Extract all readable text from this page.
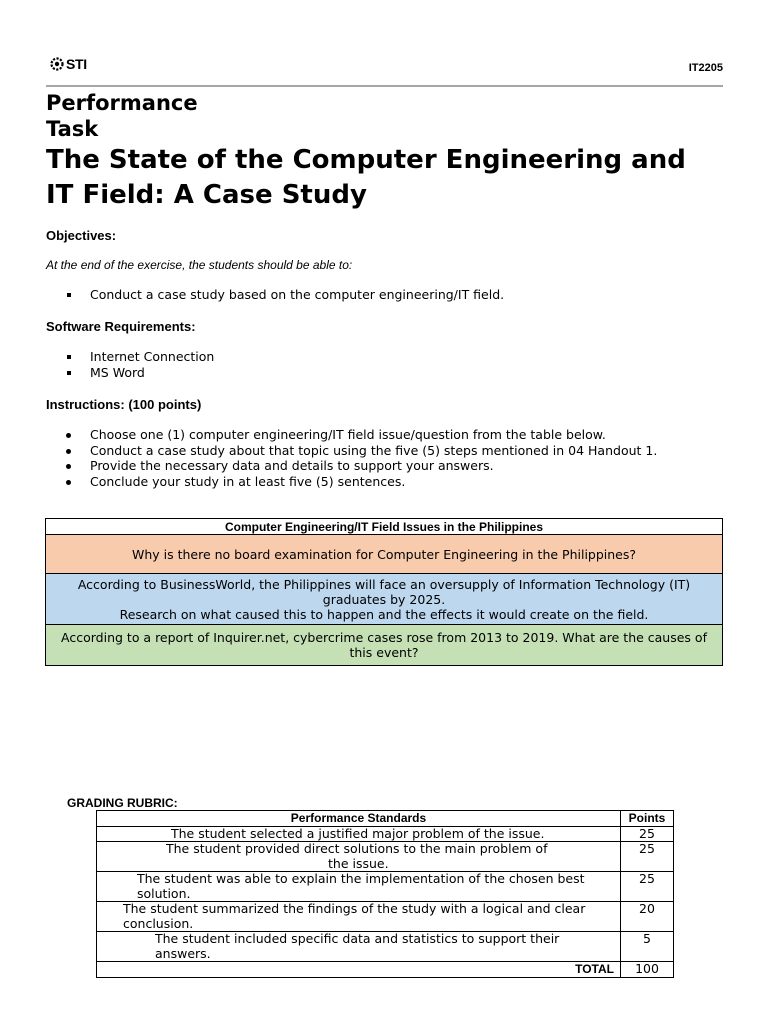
STI	IT2205
Performance
Task
The State of the Computer Engineering and
IT Field: A Case Study
Objectives:
At the end of the exercise, the students should be able to:
Conduct a case study based on the computer engineering/IT field.
Software Requirements:
Internet Connection
MS Word
Instructions: (100 points)
Choose one (1) computer engineering/IT field issue/question from the table below.
Conduct a case study about that topic using the five (5) steps mentioned in 04 Handout 1.
Provide the necessary data and details to support your answers.
Conclude your study in at least five (5) sentences.
Computer Engineering/IT Field Issues in the Philippines

Why is there no board examination for Computer Engineering in the Philippines?

According to BusinessWorld, the Philippines will face an oversupply of Information Technology (IT)
graduates by 2025.
Research on what caused this to happen and the effects it would create on the field.

According to a report of Inquirer.net, cybercrime cases rose from 2013 to 2019. What are the causes of
this event?
GRADING RUBRIC:
Performance Standards	Points

The student selected a justified major problem of the issue.	25

The student provided direct solutions to the main problem of
the issue.	25

The student was able to explain the implementation of the chosen best
solution.	25

The student summarized the findings of the study with a logical and clear
conclusion.	20

The student included specific data and statistics to support their
answers.	5
TOTAL	100
